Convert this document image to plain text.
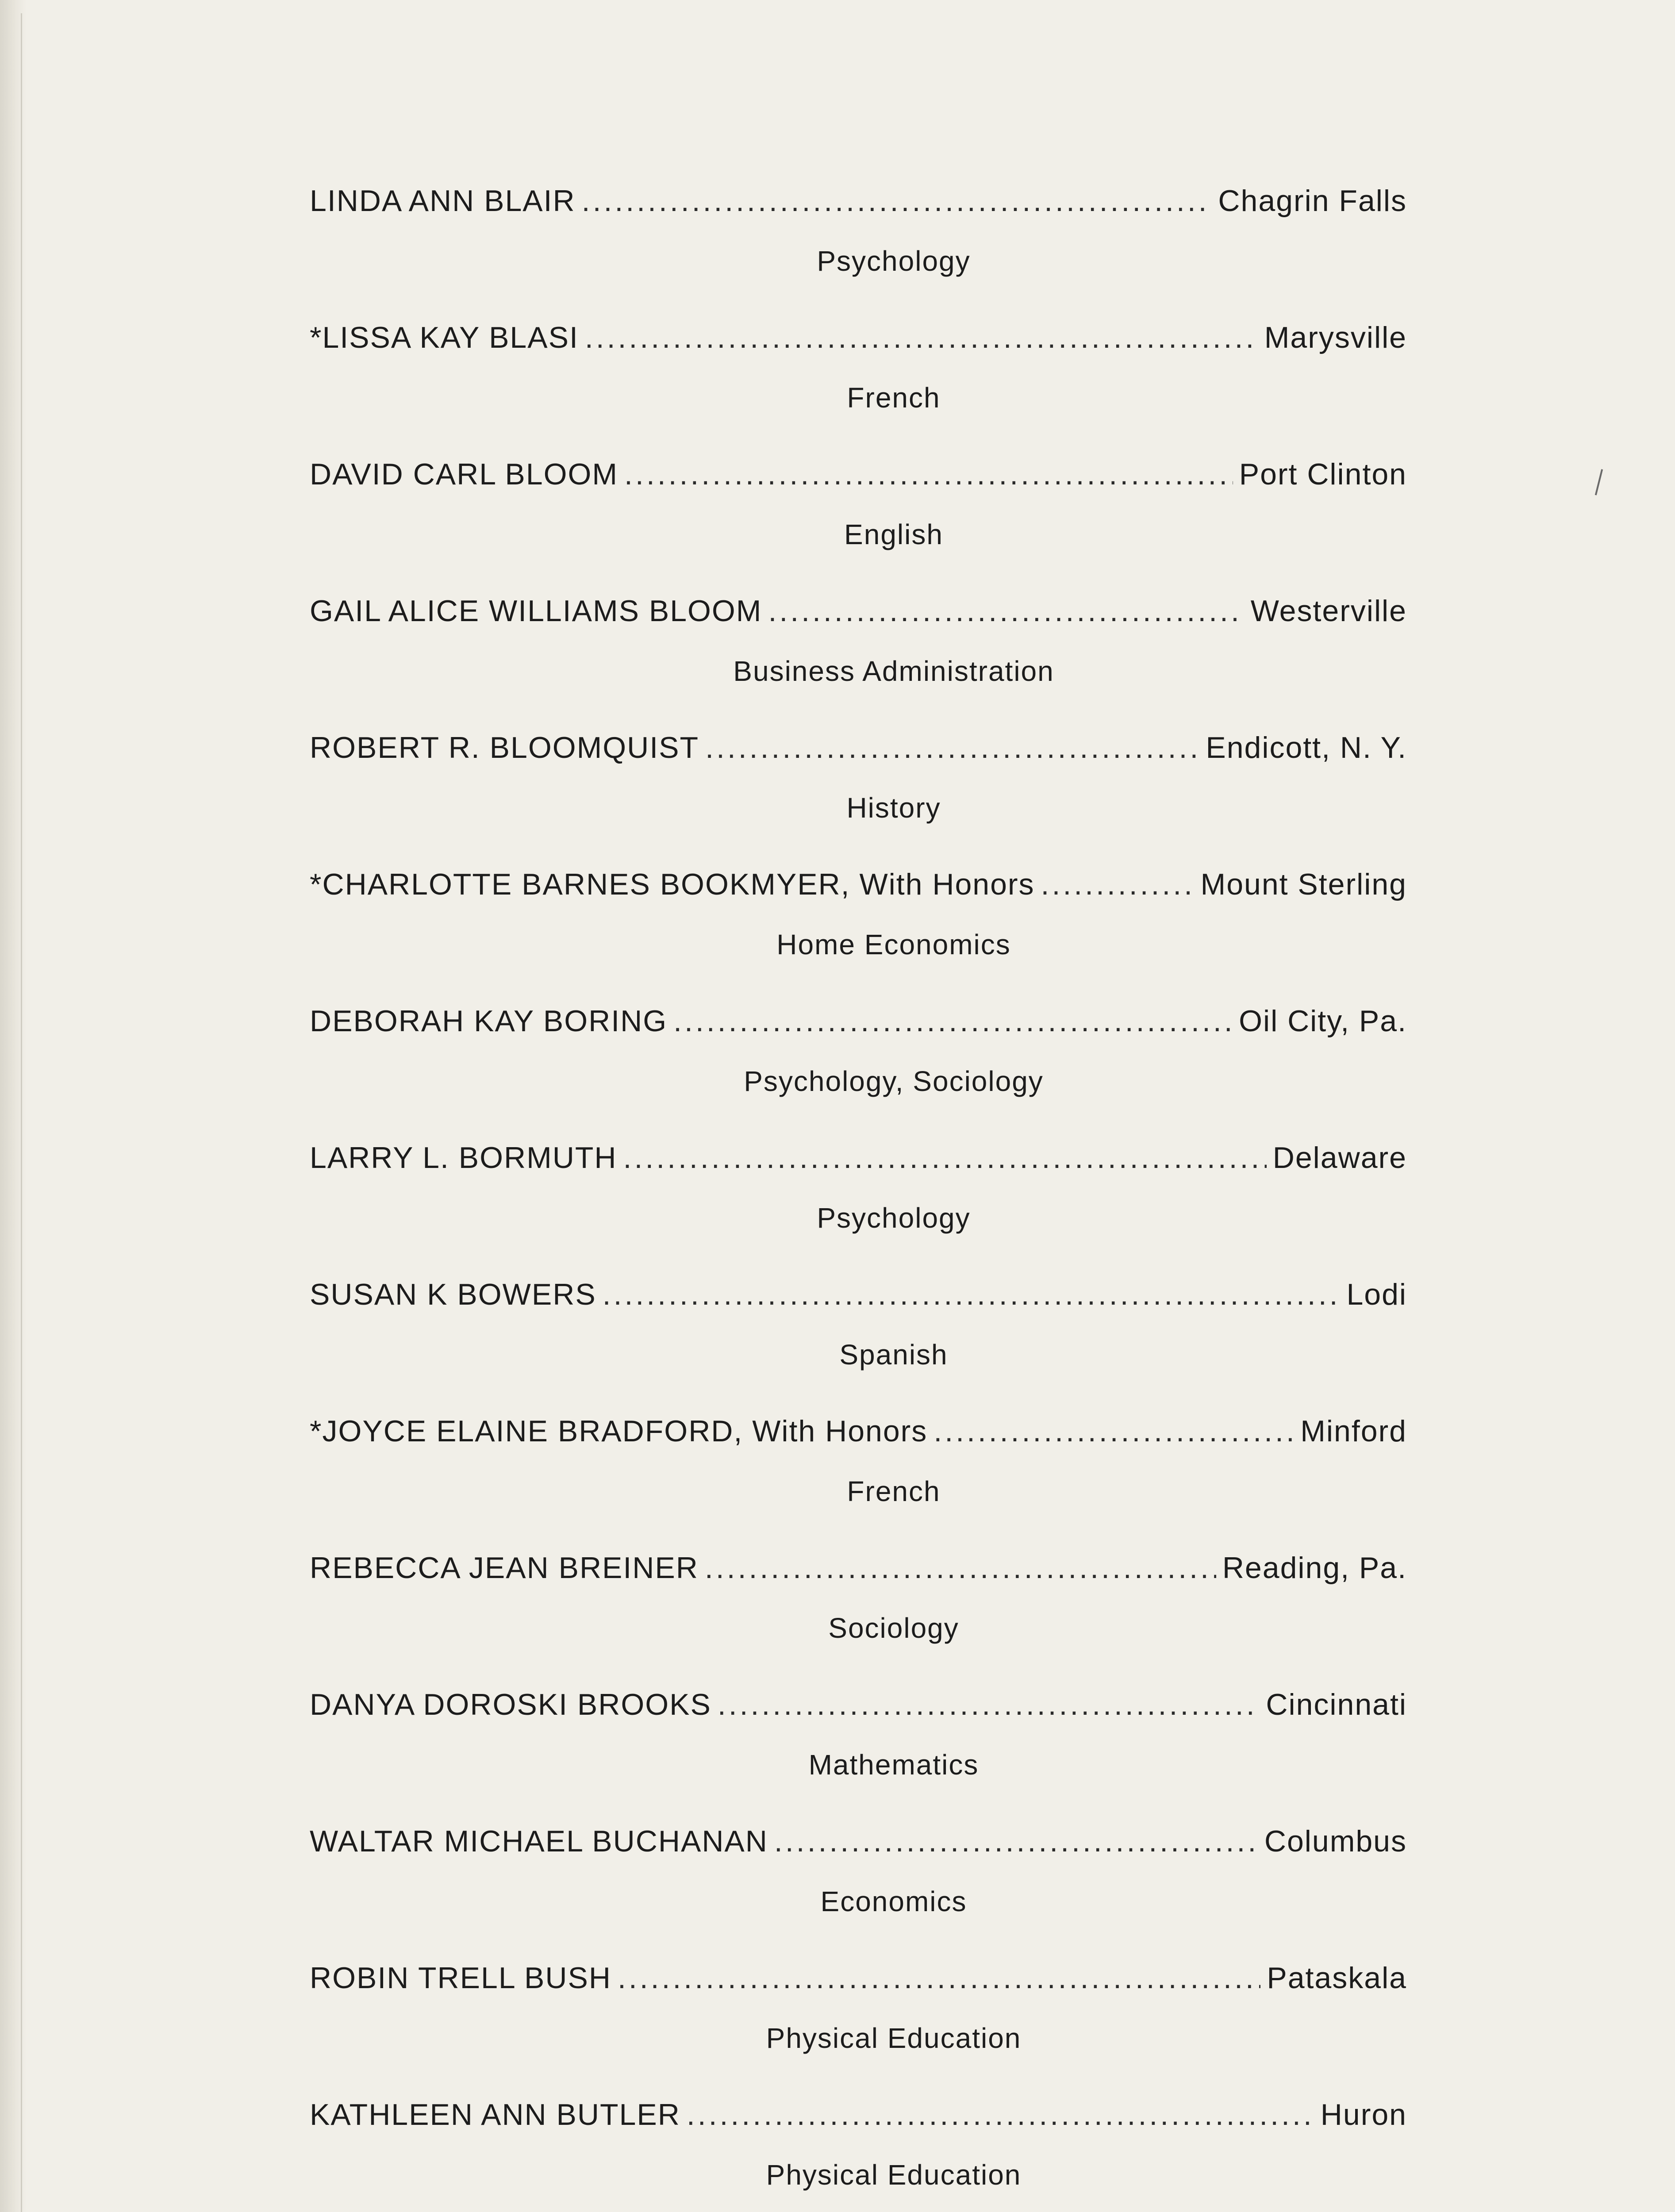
LINDA ANN BLAIR .....	Chagrin Falls
Psychology
*LISSA KAY BLASI .....	Marysville
French
DAVID CARL BLOOM .....	Port Clinton
English
GAIL ALICE WILLIAMS BLOOM .....	Westerville
Business Administration
ROBERT R. BLOOMQUIST .....	Endicott, N. Y.
History
*CHARLOTTE BARNES BOOKMYER, With Honors .....	Mount Sterling
Home Economics
DEBORAH KAY BORING .....	Oil City, Pa.
Psychology, Sociology
LARRY L. BORMUTH .....	Delaware
Psychology
SUSAN K BOWERS .....	Lodi
Spanish
*JOYCE ELAINE BRADFORD, With Honors .....	Minford
French
REBECCA JEAN BREINER .....	Reading, Pa.
Sociology
DANYA DOROSKI BROOKS .....	Cincinnati
Mathematics
WALTAR MICHAEL BUCHANAN .....	Columbus
Economics
ROBIN TRELL BUSH .....	Pataskala
Physical Education
KATHLEEN ANN BUTLER .....	Huron
Physical Education
